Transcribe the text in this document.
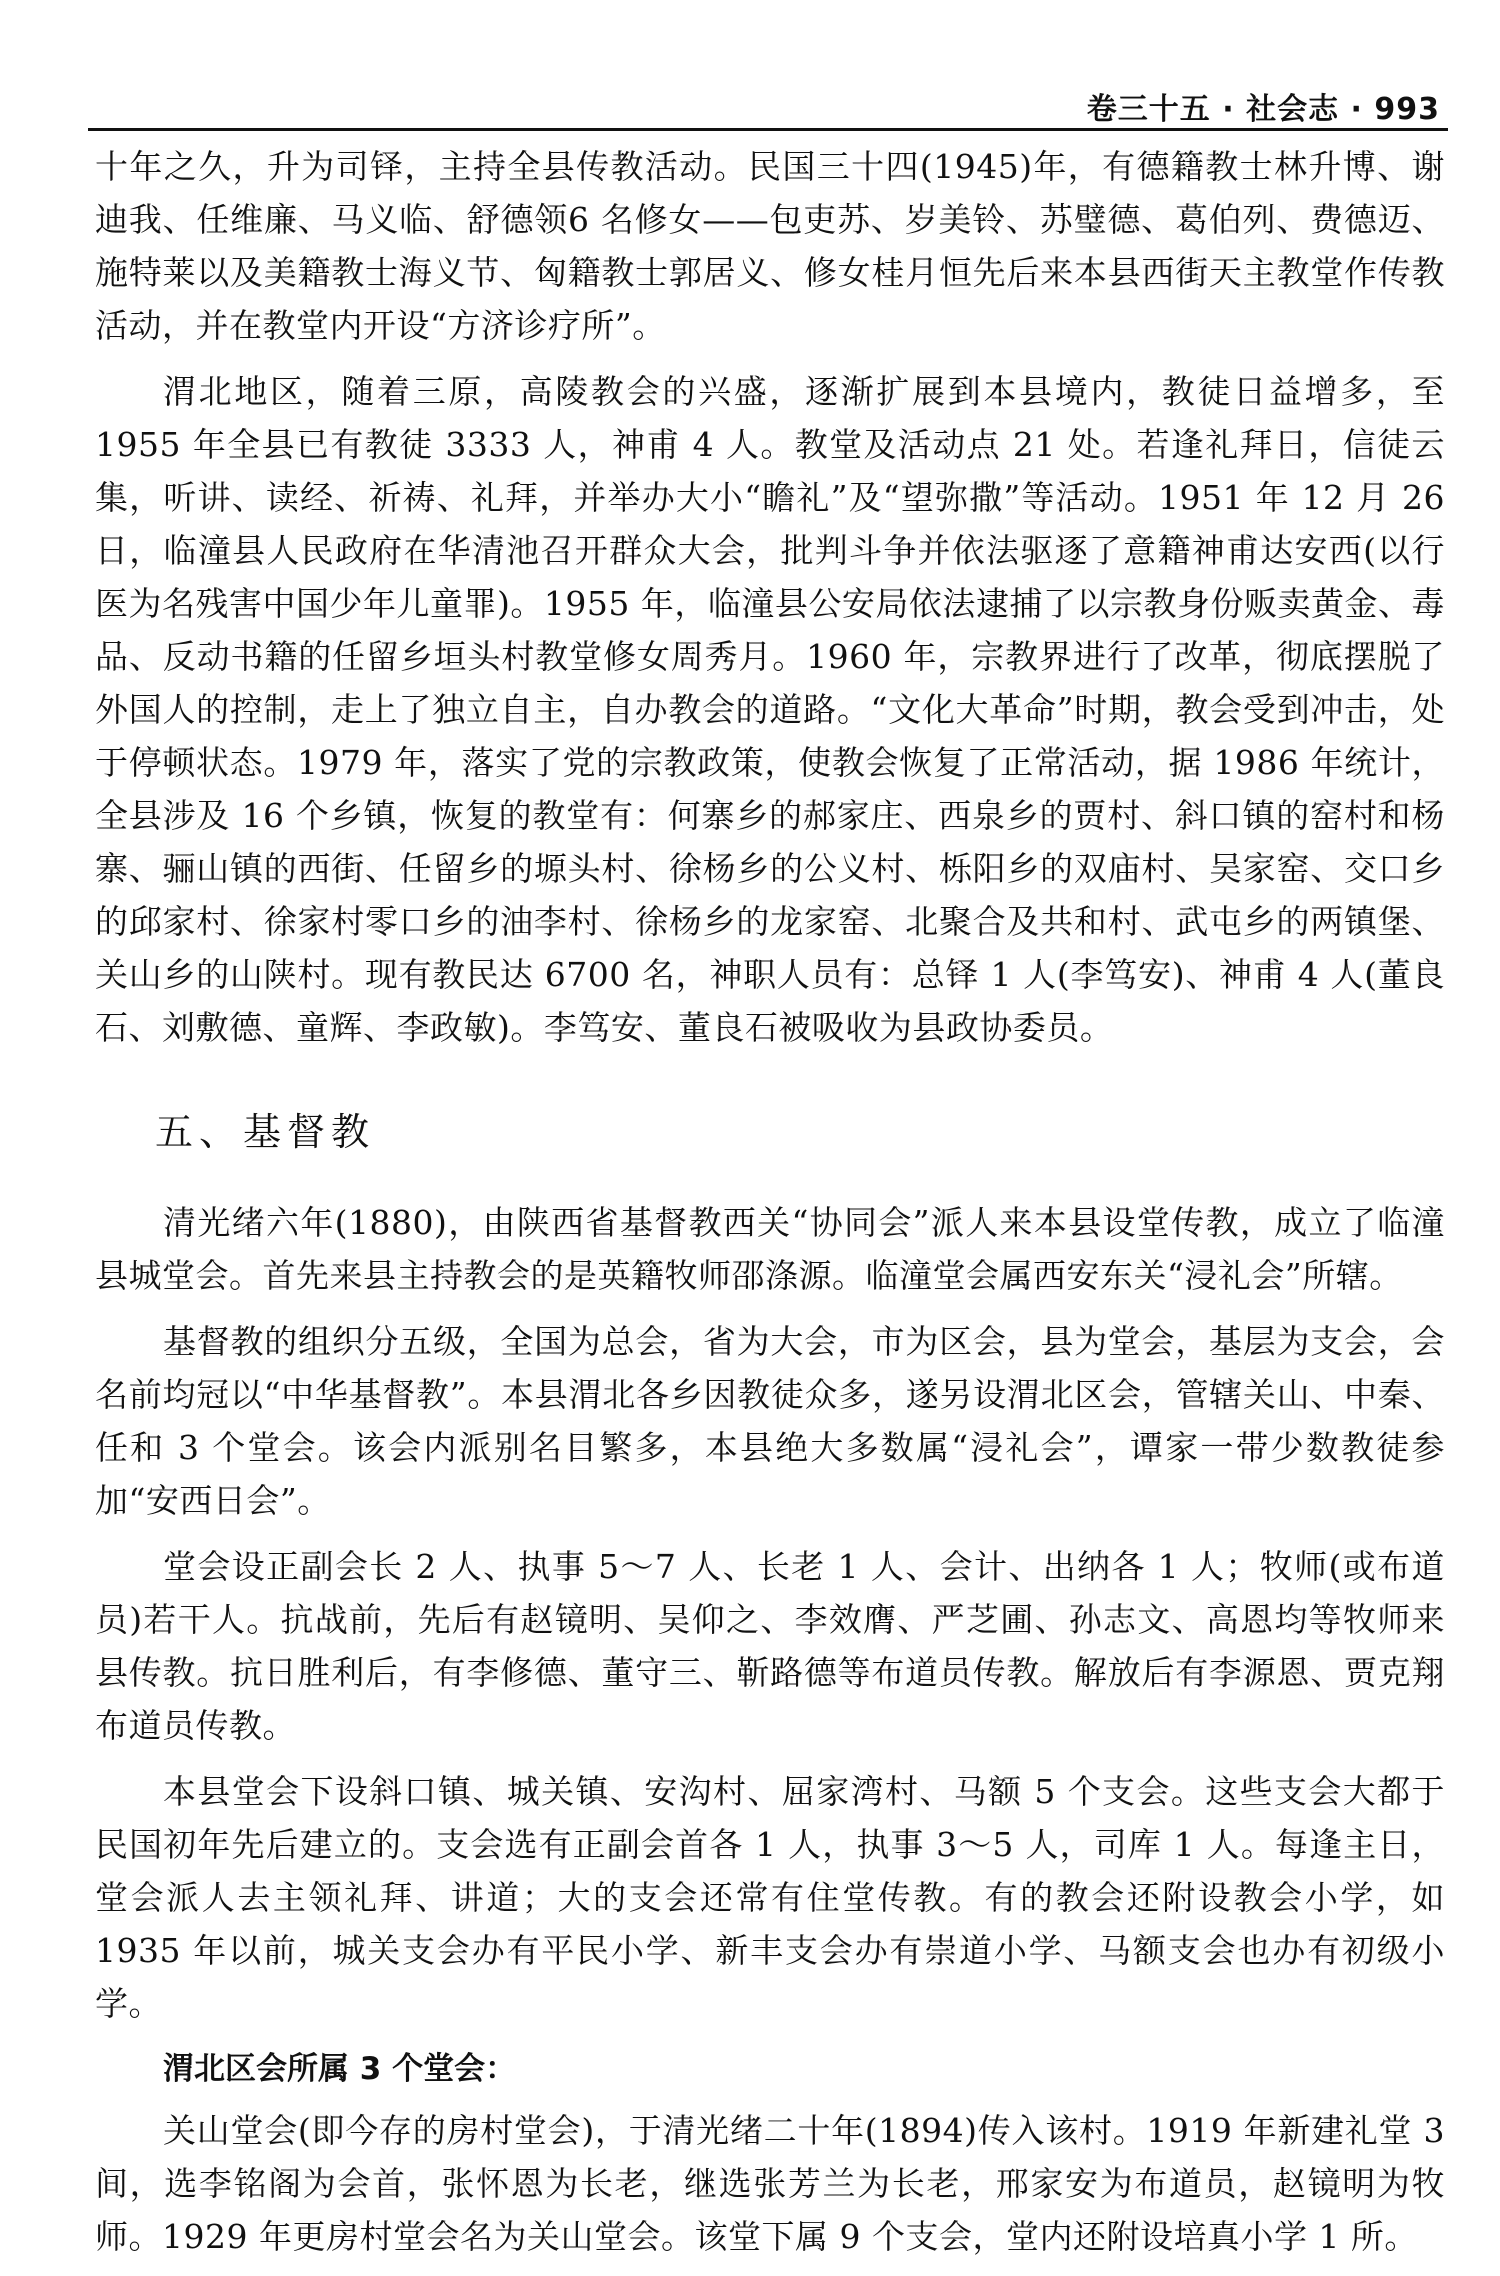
卷三十五 · 社会志 · 993

十年之久，升为司铎，主持全县传教活动。民国三十四(1945)年，有德籍教士林升博、谢迪我、任维廉、马义临、舒德领6 名修女——包吏苏、岁美铃、苏璧德、葛伯列、费德迈、施特莱以及美籍教士海义节、匈籍教士郭居义、修女桂月恒先后来本县西街天主教堂作传教活动，并在教堂内开设“方济诊疗所”。

渭北地区，随着三原，高陵教会的兴盛，逐渐扩展到本县境内，教徒日益增多，至 1955 年全县已有教徒 3333 人，神甫 4 人。教堂及活动点 21 处。若逢礼拜日，信徒云集，听讲、读经、祈祷、礼拜，并举办大小“瞻礼”及“望弥撒”等活动。1951 年 12 月 26 日，临潼县人民政府在华清池召开群众大会，批判斗争并依法驱逐了意籍神甫达安西(以行医为名残害中国少年儿童罪)。1955 年，临潼县公安局依法逮捕了以宗教身份贩卖黄金、毒品、反动书籍的任留乡垣头村教堂修女周秀月。1960 年，宗教界进行了改革，彻底摆脱了外国人的控制，走上了独立自主，自办教会的道路。“文化大革命”时期，教会受到冲击，处于停顿状态。1979 年，落实了党的宗教政策，使教会恢复了正常活动，据 1986 年统计，全县涉及 16 个乡镇，恢复的教堂有：何寨乡的郝家庄、西泉乡的贾村、斜口镇的窑村和杨寨、骊山镇的西街、任留乡的塬头村、徐杨乡的公义村、栎阳乡的双庙村、吴家窑、交口乡的邱家村、徐家村零口乡的油李村、徐杨乡的龙家窑、北聚合及共和村、武屯乡的两镇堡、关山乡的山陕村。现有教民达 6700 名，神职人员有：总铎 1 人(李笃安)、神甫 4 人(董良石、刘敷德、童辉、李政敏)。李笃安、董良石被吸收为县政协委员。

五、基督教

清光绪六年(1880)，由陕西省基督教西关“协同会”派人来本县设堂传教，成立了临潼县城堂会。首先来县主持教会的是英籍牧师邵涤源。临潼堂会属西安东关“浸礼会”所辖。

基督教的组织分五级，全国为总会，省为大会，市为区会，县为堂会，基层为支会，会名前均冠以“中华基督教”。本县渭北各乡因教徒众多，遂另设渭北区会，管辖关山、中秦、任和 3 个堂会。该会内派别名目繁多，本县绝大多数属“浸礼会”，谭家一带少数教徒参加“安西日会”。

堂会设正副会长 2 人、执事 5～7 人、长老 1 人、会计、出纳各 1 人；牧师(或布道员)若干人。抗战前，先后有赵镜明、吴仰之、李效膺、严芝圃、孙志文、高恩均等牧师来县传教。抗日胜利后，有李修德、董守三、靳路德等布道员传教。解放后有李源恩、贾克翔布道员传教。

本县堂会下设斜口镇、城关镇、安沟村、屈家湾村、马额 5 个支会。这些支会大都于民国初年先后建立的。支会选有正副会首各 1 人，执事 3～5 人，司库 1 人。每逢主日，堂会派人去主领礼拜、讲道；大的支会还常有住堂传教。有的教会还附设教会小学，如 1935 年以前，城关支会办有平民小学、新丰支会办有崇道小学、马额支会也办有初级小学。

渭北区会所属 3 个堂会：

关山堂会(即今存的房村堂会)，于清光绪二十年(1894)传入该村。1919 年新建礼堂 3 间，选李铭阁为会首，张怀恩为长老，继选张芳兰为长老，邢家安为布道员，赵镜明为牧师。1929 年更房村堂会名为关山堂会。该堂下属 9 个支会，堂内还附设培真小学 1 所。
